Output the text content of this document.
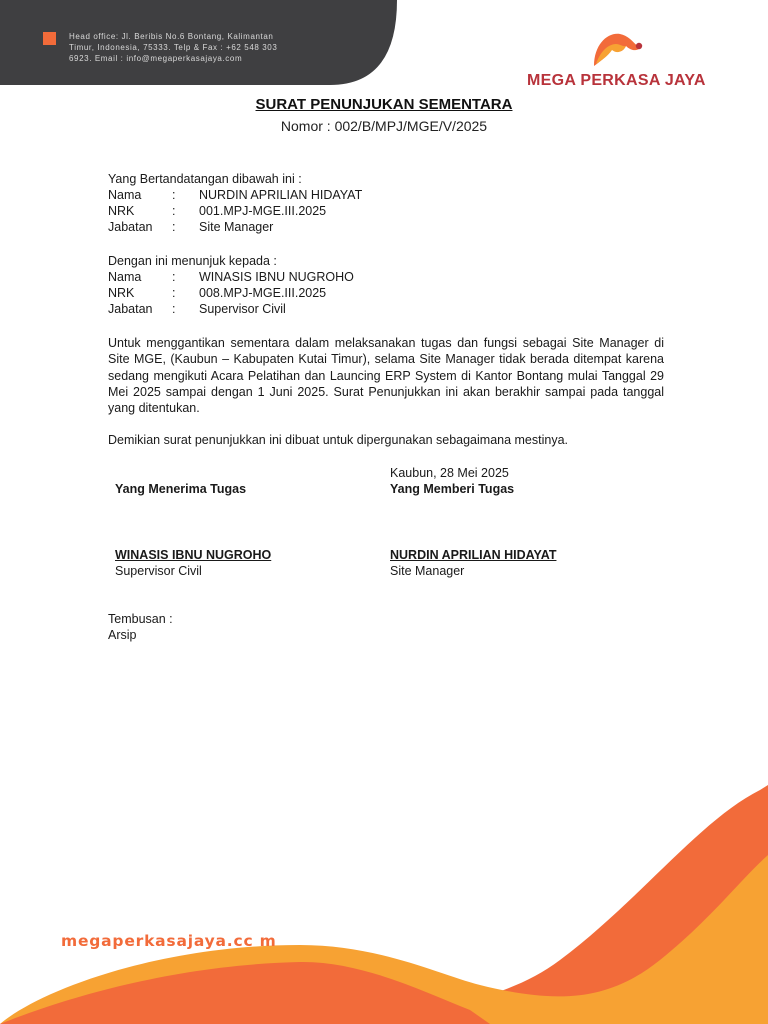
Head office: Jl. Beribis No.6 Bontang, Kalimantan Timur, Indonesia, 75333. Telp & Fax : +62 548 303 6923. Email : info@megaperkasajaya.com
MEGA PERKASA JAYA
SURAT PENUNJUKAN SEMENTARA
Nomor : 002/B/MPJ/MGE/V/2025
Yang Bertandatangan dibawah ini :
Nama : NURDIN APRILIAN HIDAYAT
NRK	: 001.MPJ-MGE.III.2025
Jabatan : Site Manager
Dengan ini menunjuk kepada :
Nama : WINASIS IBNU NUGROHO
NRK	: 008.MPJ-MGE.III.2025
Jabatan : Supervisor Civil
Untuk menggantikan sementara dalam melaksanakan tugas dan fungsi sebagai Site Manager di Site MGE, (Kaubun – Kabupaten Kutai Timur), selama Site Manager tidak berada ditempat karena sedang mengikuti Acara Pelatihan dan Launcing ERP System di Kantor Bontang mulai Tanggal 29 Mei 2025 sampai dengan 1 Juni 2025. Surat Penunjukkan ini akan berakhir sampai pada tanggal yang ditentukan.
Demikian surat penunjukkan ini dibuat untuk dipergunakan sebagaimana mestinya.
Kaubun, 28 Mei 2025
Yang Menerima Tugas	Yang Memberi Tugas
WINASIS IBNU NUGROHO
Supervisor Civil
NURDIN APRILIAN HIDAYAT
Site Manager
Tembusan :
Arsip
megaperkasajaya.cc m
